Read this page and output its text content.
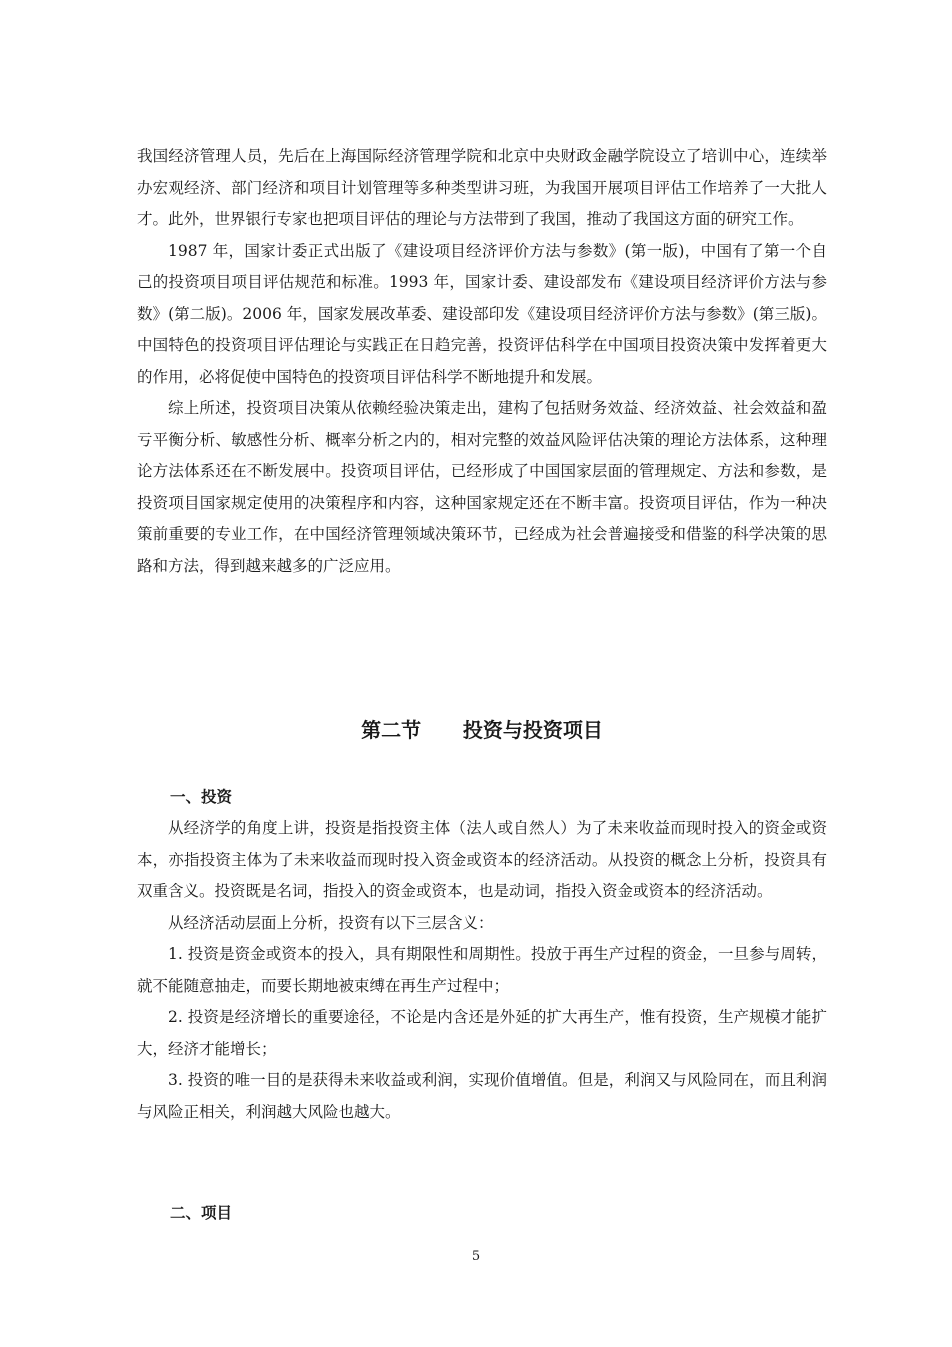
我国经济管理人员，先后在上海国际经济管理学院和北京中央财政金融学院设立了培训中心，连续举办宏观经济、部门经济和项目计划管理等多种类型讲习班，为我国开展项目评估工作培养了一大批人才。此外，世界银行专家也把项目评估的理论与方法带到了我国，推动了我国这方面的研究工作。

1987 年，国家计委正式出版了《建设项目经济评价方法与参数》(第一版)，中国有了第一个自己的投资项目项目评估规范和标准。1993 年，国家计委、建设部发布《建设项目经济评价方法与参数》(第二版)。2006 年，国家发展改革委、建设部印发《建设项目经济评价方法与参数》(第三版)。中国特色的投资项目评估理论与实践正在日趋完善，投资评估科学在中国项目投资决策中发挥着更大的作用，必将促使中国特色的投资项目评估科学不断地提升和发展。

综上所述，投资项目决策从依赖经验决策走出，建构了包括财务效益、经济效益、社会效益和盈亏平衡分析、敏感性分析、概率分析之内的，相对完整的效益风险评估决策的理论方法体系，这种理论方法体系还在不断发展中。投资项目评估，已经形成了中国国家层面的管理规定、方法和参数，是投资项目国家规定使用的决策程序和内容，这种国家规定还在不断丰富。投资项目评估，作为一种决策前重要的专业工作，在中国经济管理领域决策环节，已经成为社会普遍接受和借鉴的科学决策的思路和方法，得到越来越多的广泛应用。

第二节      投资与投资项目
一、投资

从经济学的角度上讲，投资是指投资主体（法人或自然人）为了未来收益而现时投入的资金或资本，亦指投资主体为了未来收益而现时投入资金或资本的经济活动。从投资的概念上分析，投资具有双重含义。投资既是名词，指投入的资金或资本，也是动词，指投入资金或资本的经济活动。

从经济活动层面上分析，投资有以下三层含义：

1. 投资是资金或资本的投入，具有期限性和周期性。投放于再生产过程的资金，一旦参与周转，就不能随意抽走，而要长期地被束缚在再生产过程中；

2. 投资是经济增长的重要途径，不论是内含还是外延的扩大再生产，惟有投资，生产规模才能扩大，经济才能增长；

3. 投资的唯一目的是获得未来收益或利润，实现价值增值。但是，利润又与风险同在，而且利润与风险正相关，利润越大风险也越大。

二、项目
5
